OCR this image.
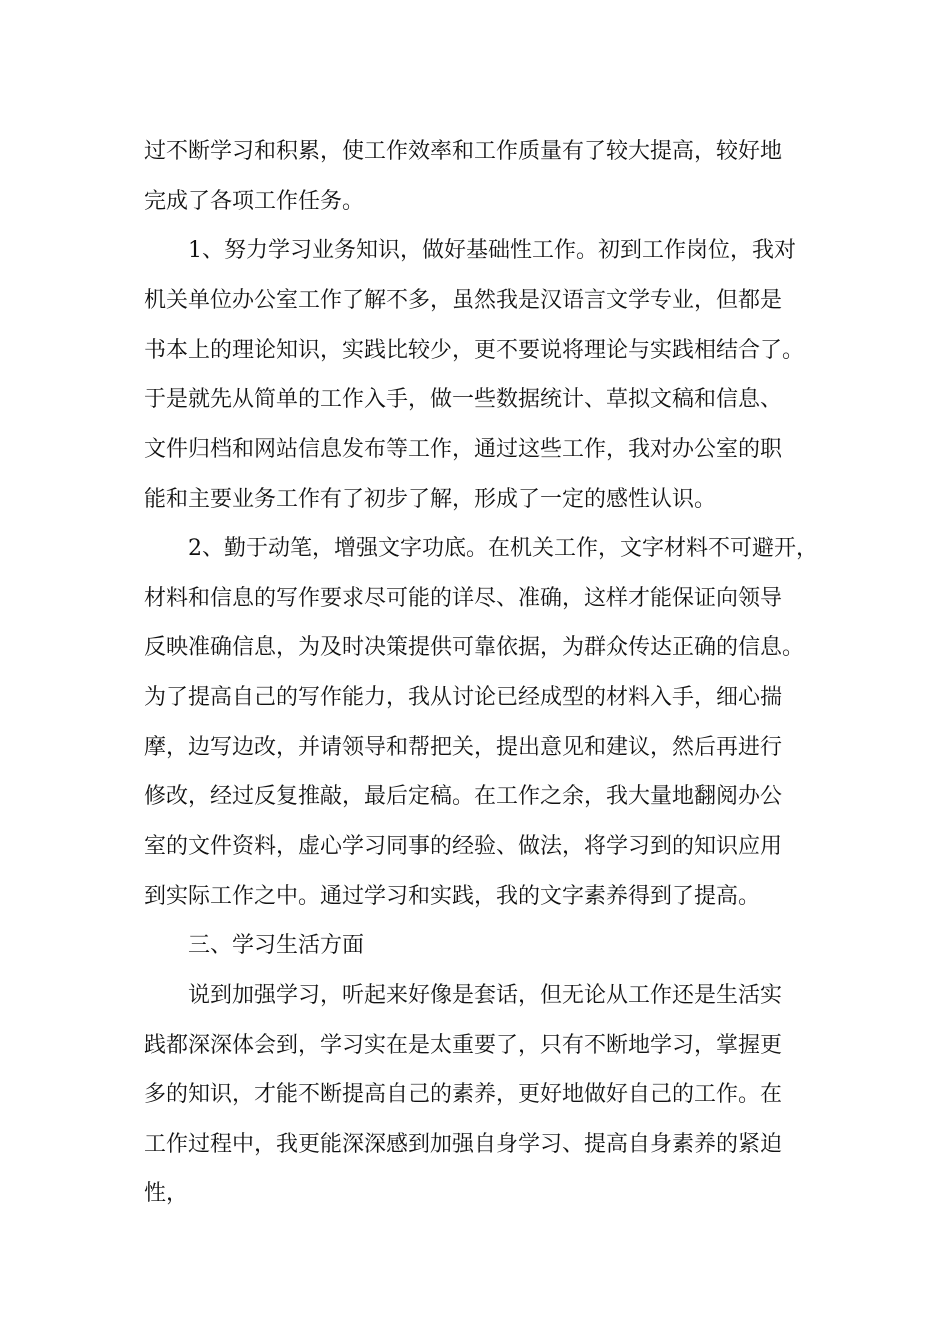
过不断学习和积累，使工作效率和工作质量有了较大提高，较好地
完成了各项工作任务。
　　1、努力学习业务知识，做好基础性工作。初到工作岗位，我对
机关单位办公室工作了解不多，虽然我是汉语言文学专业，但都是
书本上的理论知识，实践比较少，更不要说将理论与实践相结合了。
于是就先从简单的工作入手，做一些数据统计、草拟文稿和信息、
文件归档和网站信息发布等工作，通过这些工作，我对办公室的职
能和主要业务工作有了初步了解，形成了一定的感性认识。
　　2、勤于动笔，增强文字功底。在机关工作，文字材料不可避开，
材料和信息的写作要求尽可能的详尽、准确，这样才能保证向领导
反映准确信息，为及时决策提供可靠依据，为群众传达正确的信息。
为了提高自己的写作能力，我从讨论已经成型的材料入手，细心揣
摩，边写边改，并请领导和帮把关，提出意见和建议，然后再进行
修改，经过反复推敲，最后定稿。在工作之余，我大量地翻阅办公
室的文件资料，虚心学习同事的经验、做法，将学习到的知识应用
到实际工作之中。通过学习和实践，我的文字素养得到了提高。
　　三、学习生活方面
　　说到加强学习，听起来好像是套话，但无论从工作还是生活实
践都深深体会到，学习实在是太重要了，只有不断地学习，掌握更
多的知识，才能不断提高自己的素养，更好地做好自己的工作。在
工作过程中，我更能深深感到加强自身学习、提高自身素养的紧迫
性，
